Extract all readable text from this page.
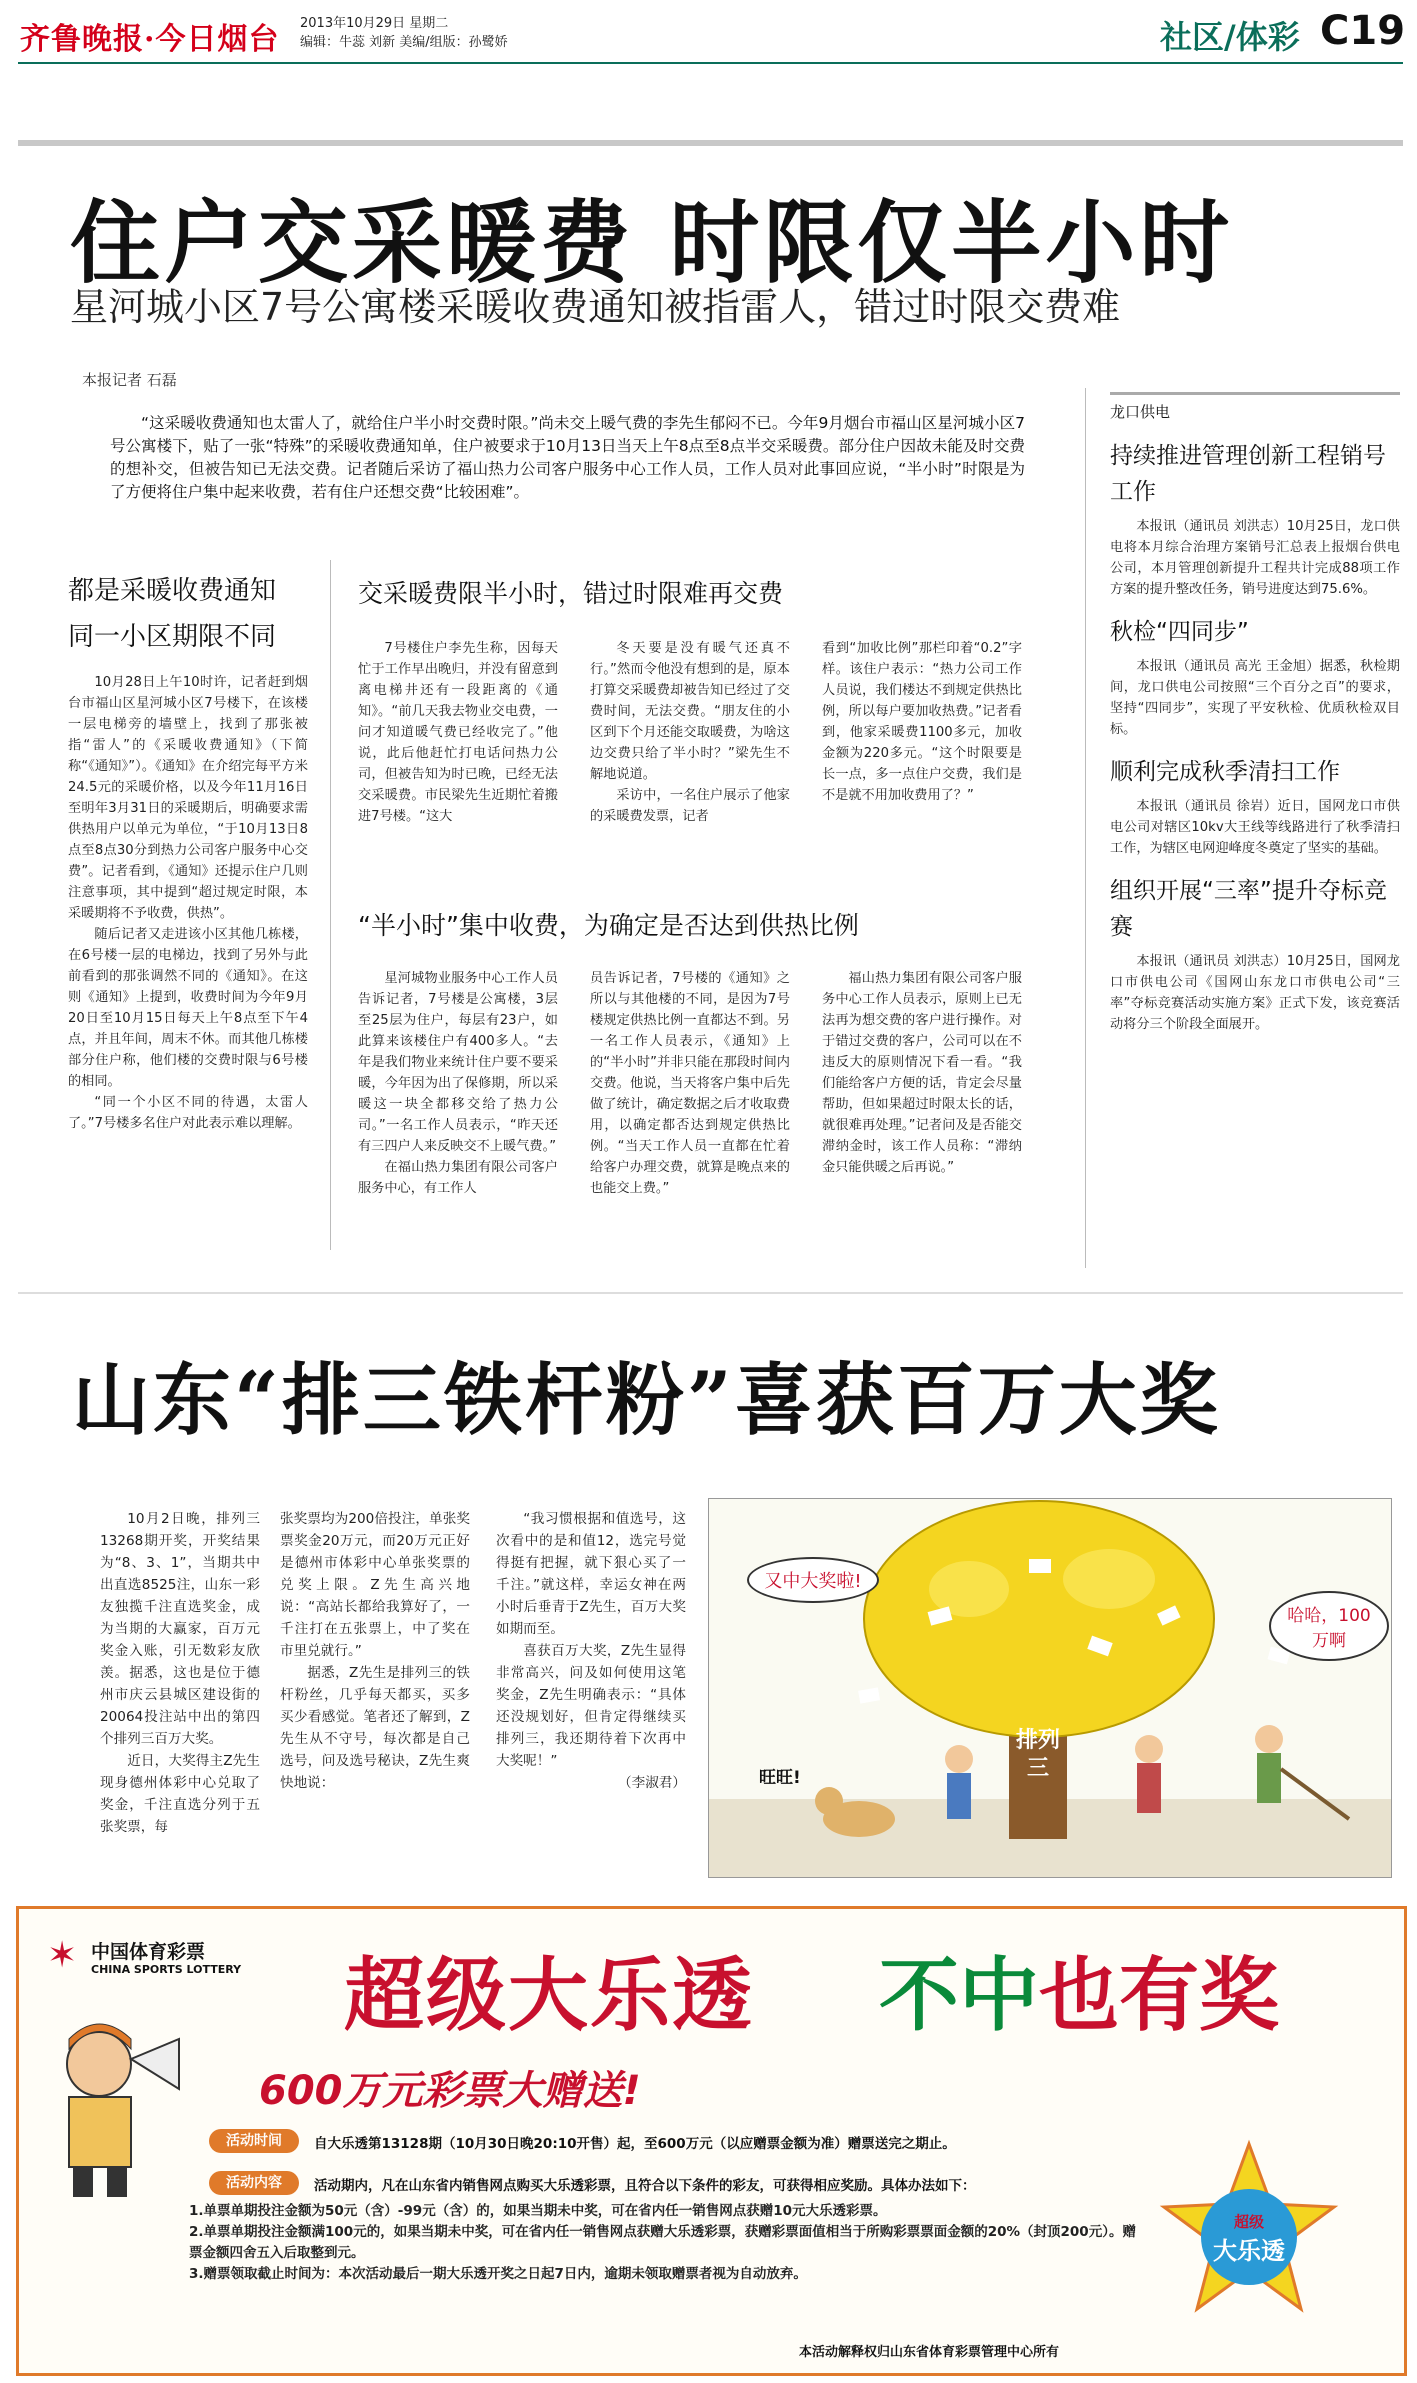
齐鲁晚报·今日烟台 2013年10月29日 星期二
编辑：牛蕊 刘新 美编/组版：孙鹭娇	社区/体彩 C19
住户交采暖费 时限仅半小时
星河城小区7号公寓楼采暖收费通知被指雷人，错过时限交费难
本报记者 石磊

“这采暖收费通知也太雷人了，就给住户半小时交费时限。”尚未交上暖气费的李先生郁闷不已。今年9月烟台市福山区星河城小区7号公寓楼下，贴了一张“特殊”的采暖收费通知单，住户被要求于10月13日当天上午8点至8点半交采暖费。部分住户因故未能及时交费的想补交，但被告知已无法交费。记者随后采访了福山热力公司客户服务中心工作人员，工作人员对此事回应说，“半小时”时限是为了方便将住户集中起来收费，若有住户还想交费“比较困难”。

都是采暖收费通知
同一小区期限不同

10月28日上午10时许，记者赶到烟台市福山区星河城小区7号楼下，在该楼一层电梯旁的墙壁上，找到了那张被指“雷人”的《采暖收费通知》（下简称“《通知》”）。《通知》在介绍完每平方米24.5元的采暖价格，以及今年11月16日至明年3月31日的采暖期后，明确要求需供热用户以单元为单位，“于10月13日8点至8点30分到热力公司客户服务中心交费”。记者看到，《通知》还提示住户几则注意事项，其中提到“超过规定时限，本采暖期将不予收费，供热”。

随后记者又走进该小区其他几栋楼，在6号楼一层的电梯边，找到了另外与此前看到的那张调然不同的《通知》。在这则《通知》上提到，收费时间为今年9月20日至10月15日每天上午8点至下午4点，并且年间，周末不休。而其他几栋楼部分住户称，他们楼的交费时限与6号楼的相同。

“同一个小区不同的待遇，太雷人了。”7号楼多名住户对此表示难以理解。

交采暖费限半小时，错过时限难再交费

7号楼住户李先生称，因每天忙于工作早出晚归，并没有留意到离电梯井还有一段距离的《通知》。“前几天我去物业交电费，一问才知道暖气费已经收完了。”他说，此后他赶忙打电话问热力公司，但被告知为时已晚，已经无法交采暖费。市民梁先生近期忙着搬进7号楼。“这大

冬天要是没有暖气还真不行。”然而令他没有想到的是，原本打算交采暖费却被告知已经过了交费时间，无法交费。“朋友住的小区到下个月还能交取暖费，为啥这边交费只给了半小时？”梁先生不解地说道。

采访中，一名住户展示了他家的采暖费发票，记者

看到“加收比例”那栏印着“0.2”字样。该住户表示：“热力公司工作人员说，我们楼达不到规定供热比例，所以每户要加收热费。”记者看到，他家采暖费1100多元，加收金额为220多元。“这个时限要是长一点，多一点住户交费，我们是不是就不用加收费用了？”

“半小时”集中收费，为确定是否达到供热比例

星河城物业服务中心工作人员告诉记者，7号楼是公寓楼，3层至25层为住户，每层有23户，如此算来该楼住户有400多人。“去年是我们物业来统计住户要不要采暖，今年因为出了保修期，所以采暖这一块全都移交给了热力公司。”一名工作人员表示，“昨天还有三四户人来反映交不上暖气费。”

在福山热力集团有限公司客户服务中心，有工作人

员告诉记者，7号楼的《通知》之所以与其他楼的不同，是因为7号楼规定供热比例一直都达不到。另一名工作人员表示，《通知》上的“半小时”并非只能在那段时间内交费。他说，当天将客户集中后先做了统计，确定数据之后才收取费用，以确定都否达到规定供热比例。“当天工作人员一直都在忙着给客户办理交费，就算是晚点来的也能交上费。”

福山热力集团有限公司客户服务中心工作人员表示，原则上已无法再为想交费的客户进行操作。对于错过交费的客户，公司可以在不违反大的原则情况下看一看。“我们能给客户方便的话，肯定会尽量帮助，但如果超过时限太长的话，就很难再处理。”记者问及是否能交滞纳金时，该工作人员称：“滞纳金只能供暖之后再说。”

龙口供电
持续推进管理创新工程销号工作

本报讯（通讯员 刘洪志）10月25日，龙口供电将本月综合治理方案销号汇总表上报烟台供电公司，本月管理创新提升工程共计完成88项工作方案的提升整改任务，销号进度达到75.6%。

秋检“四同步”

本报讯（通讯员 高光 王金旭）据悉，秋检期间，龙口供电公司按照“三个百分之百”的要求，坚持“四同步”，实现了平安秋检、优质秋检双目标。

顺利完成秋季清扫工作

本报讯（通讯员 徐岩）近日，国网龙口市供电公司对辖区10kv大王线等线路进行了秋季清扫工作，为辖区电网迎峰度冬奠定了坚实的基础。

组织开展“三率”提升夺标竞赛

本报讯（通讯员 刘洪志）10月25日，国网龙口市供电公司《国网山东龙口市供电公司“三率”夺标竞赛活动实施方案》正式下发，该竞赛活动将分三个阶段全面展开。

山东“排三铁杆粉”喜获百万大奖

10月2日晚，排列三13268期开奖，开奖结果为“8、3、1”，当期共中出直选8525注，山东一彩友独揽千注直选奖金，成为当期的大赢家，百万元奖金入账，引无数彩友欣羡。据悉，这也是位于德州市庆云县城区建设街的20064投注站中出的第四个排列三百万大奖。

近日，大奖得主Z先生现身德州体彩中心兑取了奖金，千注直选分列于五张奖票，每

张奖票均为200倍投注，单张奖票奖金20万元，而20万元正好是德州市体彩中心单张奖票的兑奖上限。Z先生高兴地说：“高站长都给我算好了，一千注打在五张票上，中了奖在市里兑就行。”

据悉，Z先生是排列三的铁杆粉丝，几乎每天都买，买多买少看感觉。笔者还了解到，Z先生从不守号，每次都是自己选号，问及选号秘诀，Z先生爽快地说：

“我习惯根据和值选号，这次看中的是和值12，选完号觉得挺有把握，就下狠心买了一千注。”就这样，幸运女神在两小时后垂青于Z先生，百万大奖如期而至。

喜获百万大奖，Z先生显得非常高兴，问及如何使用这笔奖金，Z先生明确表示：“具体还没规划好，但肯定得继续买排列三，我还期待着下次再中大奖呢！”

（李淑君）
又中大奖啦!
哈哈，100万啊
排列三
旺旺!
✶ 中国体育彩票
CHINA SPORTS LOTTERY 超级大乐透 不中也有奖
600万元彩票大赠送!
活动时间	自大乐透第13128期（10月30日晚20:10开售）起，至600万元（以应赠票金额为准）赠票送完之期止。
活动内容	活动期内，凡在山东省内销售网点购买大乐透彩票，且符合以下条件的彩友，可获得相应奖励。具体办法如下：
1.单票单期投注金额为50元（含）-99元（含）的，如果当期未中奖，可在省内任一销售网点获赠10元大乐透彩票。
2.单票单期投注金额满100元的，如果当期未中奖，可在省内任一销售网点获赠大乐透彩票，获赠彩票面值相当于所购彩票票面金额的20%（封顶200元）。赠票金额四舍五入后取整到元。
3.赠票领取截止时间为：本次活动最后一期大乐透开奖之日起7日内，逾期未领取赠票者视为自动放弃。
本活动解释权归山东省体育彩票管理中心所有
超级
大乐透
